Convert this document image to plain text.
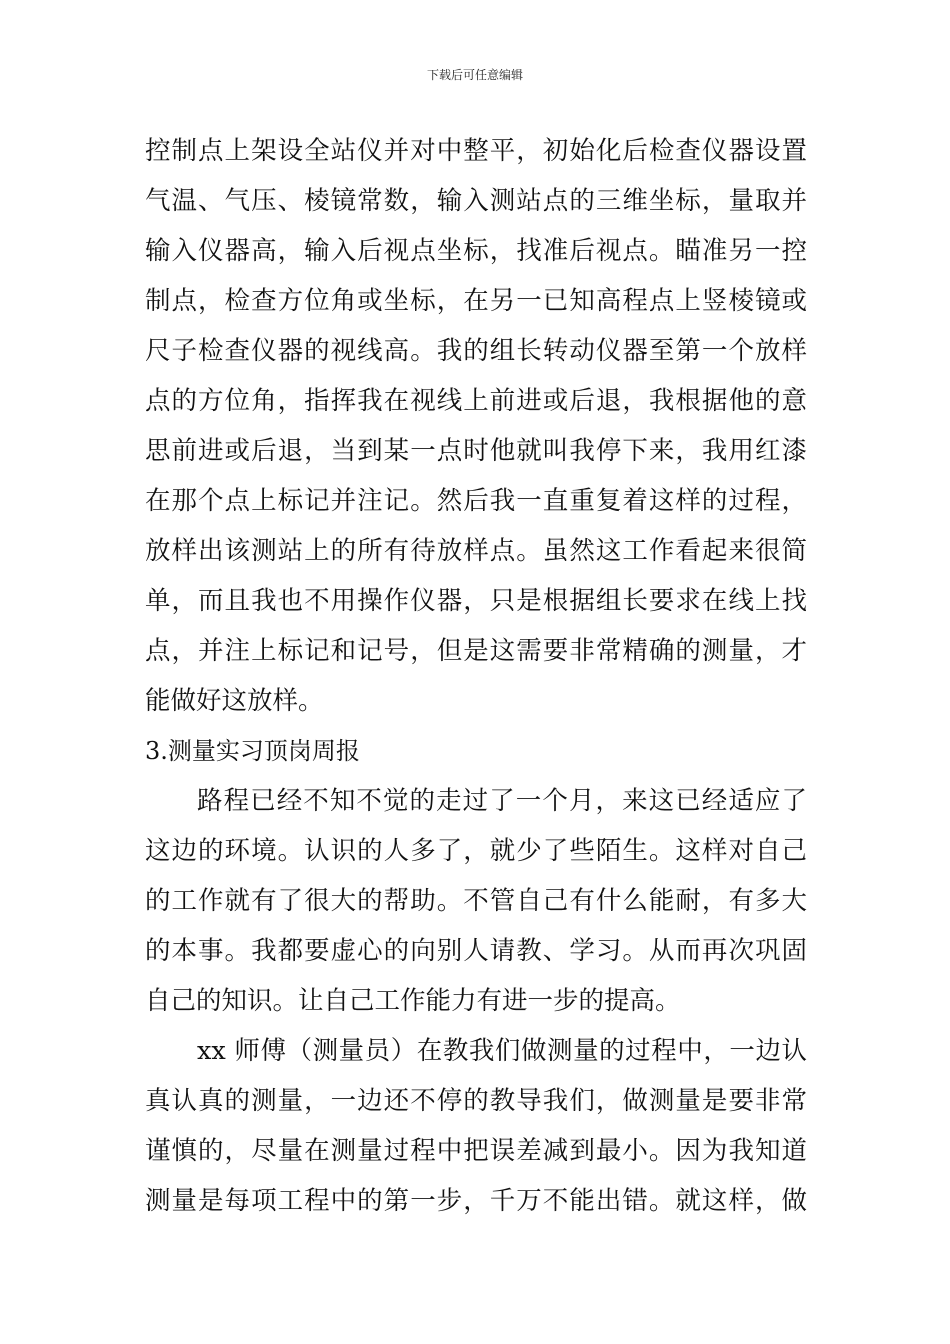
下载后可任意编辑
控制点上架设全站仪并对中整平，初始化后检查仪器设置
气温、气压、棱镜常数，输入测站点的三维坐标，量取并
输入仪器高，输入后视点坐标，找准后视点。瞄准另一控
制点，检查方位角或坐标，在另一已知高程点上竖棱镜或
尺子检查仪器的视线高。我的组长转动仪器至第一个放样
点的方位角，指挥我在视线上前进或后退，我根据他的意
思前进或后退，当到某一点时他就叫我停下来，我用红漆
在那个点上标记并注记。然后我一直重复着这样的过程，
放样出该测站上的所有待放样点。虽然这工作看起来很简
单，而且我也不用操作仪器，只是根据组长要求在线上找
点，并注上标记和记号，但是这需要非常精确的测量，才
能做好这放样。
3.测量实习顶岗周报
路程已经不知不觉的走过了一个月，来这已经适应了
这边的环境。认识的人多了，就少了些陌生。这样对自己
的工作就有了很大的帮助。不管自己有什么能耐，有多大
的本事。我都要虚心的向别人请教、学习。从而再次巩固
自己的知识。让自己工作能力有进一步的提高。
xx 师傅（测量员）在教我们做测量的过程中，一边认
真认真的测量，一边还不停的教导我们，做测量是要非常
谨慎的，尽量在测量过程中把误差减到最小。因为我知道
测量是每项工程中的第一步，千万不能出错。就这样，做
